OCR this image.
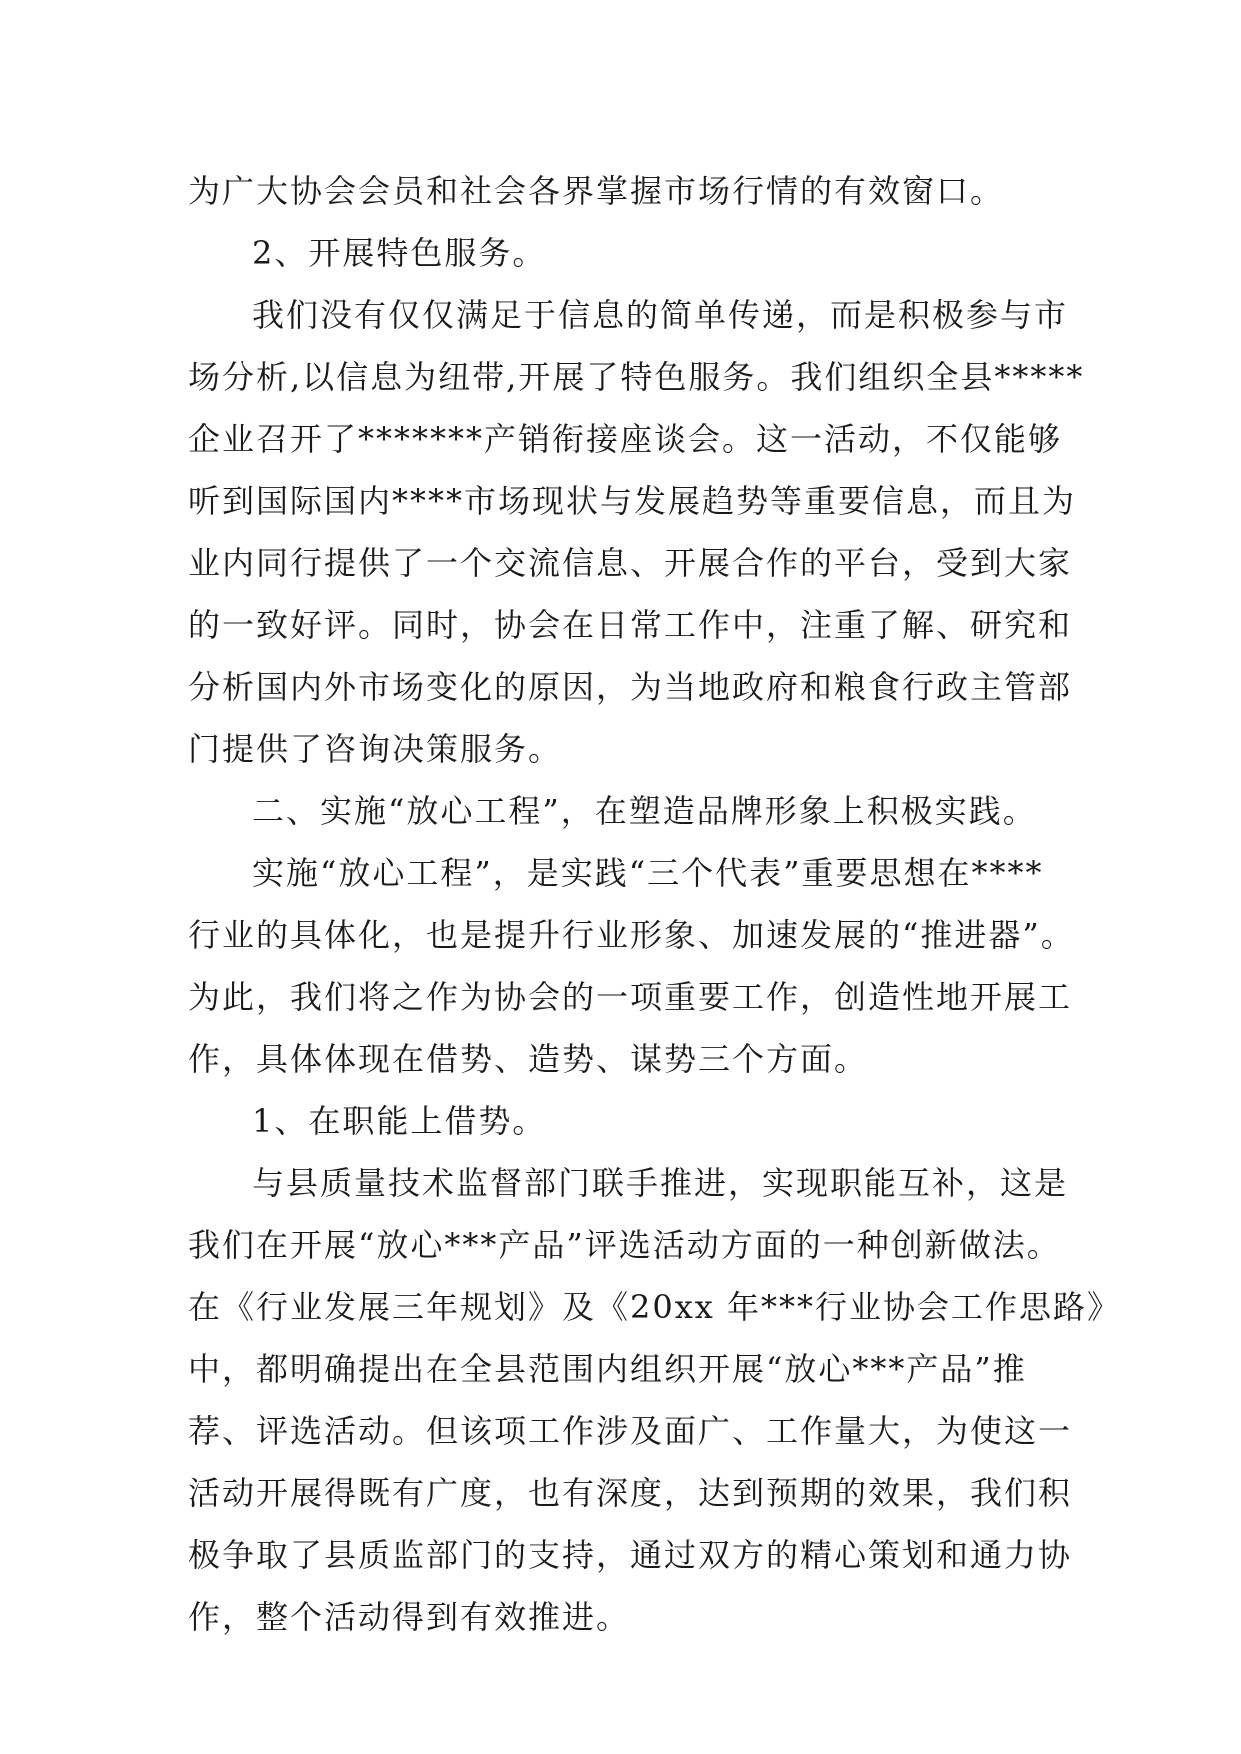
为广大协会会员和社会各界掌握市场行情的有效窗口。
2、开展特色服务。
我们没有仅仅满足于信息的简单传递，而是积极参与市
场分析,以信息为纽带,开展了特色服务。我们组织全县*****
企业召开了*******产销衔接座谈会。这一活动，不仅能够
听到国际国内****市场现状与发展趋势等重要信息，而且为
业内同行提供了一个交流信息、开展合作的平台，受到大家
的一致好评。同时，协会在日常工作中，注重了解、研究和
分析国内外市场变化的原因，为当地政府和粮食行政主管部
门提供了咨询决策服务。
二、实施“放心工程”，在塑造品牌形象上积极实践。
实施“放心工程”，是实践“三个代表”重要思想在****
行业的具体化，也是提升行业形象、加速发展的“推进器”。
为此，我们将之作为协会的一项重要工作，创造性地开展工
作，具体体现在借势、造势、谋势三个方面。
1、在职能上借势。
与县质量技术监督部门联手推进，实现职能互补，这是
我们在开展“放心***产品”评选活动方面的一种创新做法。
在《行业发展三年规划》及《20xx 年***行业协会工作思路》
中，都明确提出在全县范围内组织开展“放心***产品”推
荐、评选活动。但该项工作涉及面广、工作量大，为使这一
活动开展得既有广度，也有深度，达到预期的效果，我们积
极争取了县质监部门的支持，通过双方的精心策划和通力协
作，整个活动得到有效推进。
